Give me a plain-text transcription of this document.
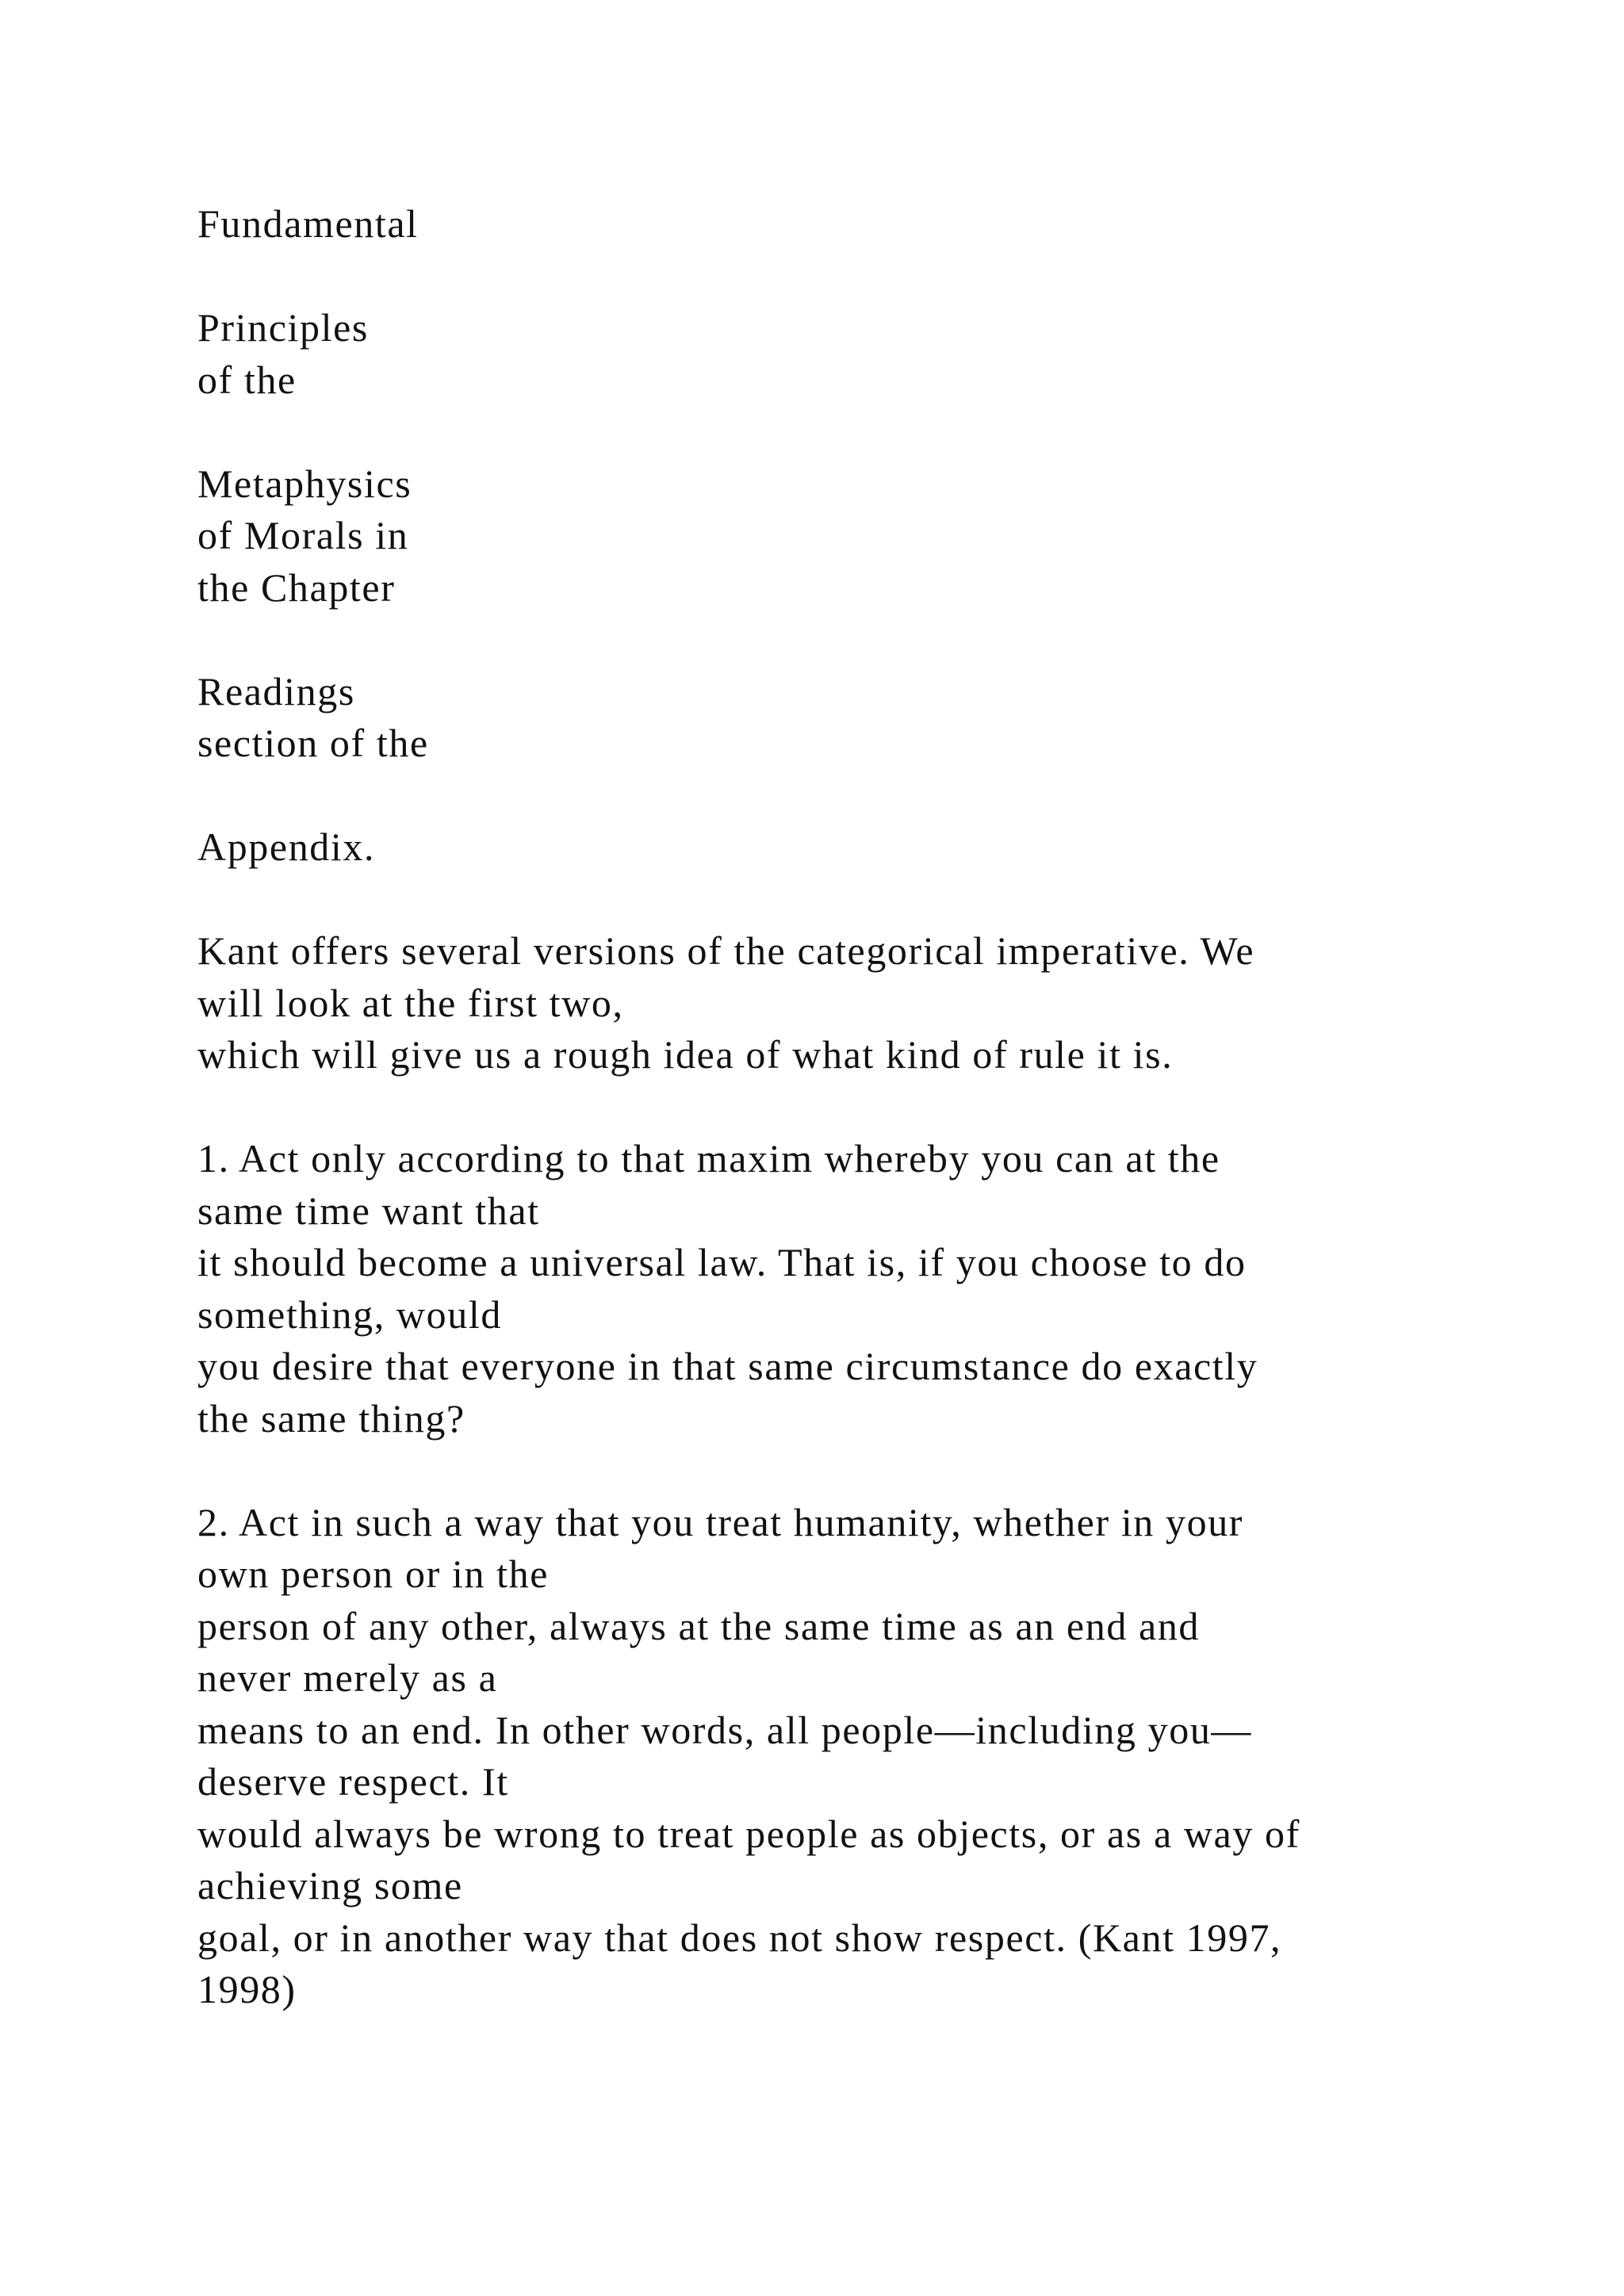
Fundamental
Principles
of the
Metaphysics
of Morals in
the Chapter
Readings
section of the
Appendix.
Kant offers several versions of the categorical imperative. We
will look at the first two,
which will give us a rough idea of what kind of rule it is.
1. Act only according to that maxim whereby you can at the
same time want that
it should become a universal law. That is, if you choose to do
something, would
you desire that everyone in that same circumstance do exactly
the same thing?
2. Act in such a way that you treat humanity, whether in your
own person or in the
person of any other, always at the same time as an end and
never merely as a
means to an end. In other words, all people—including you—
deserve respect. It
would always be wrong to treat people as objects, or as a way of
achieving some
goal, or in another way that does not show respect. (Kant 1997,
1998)
